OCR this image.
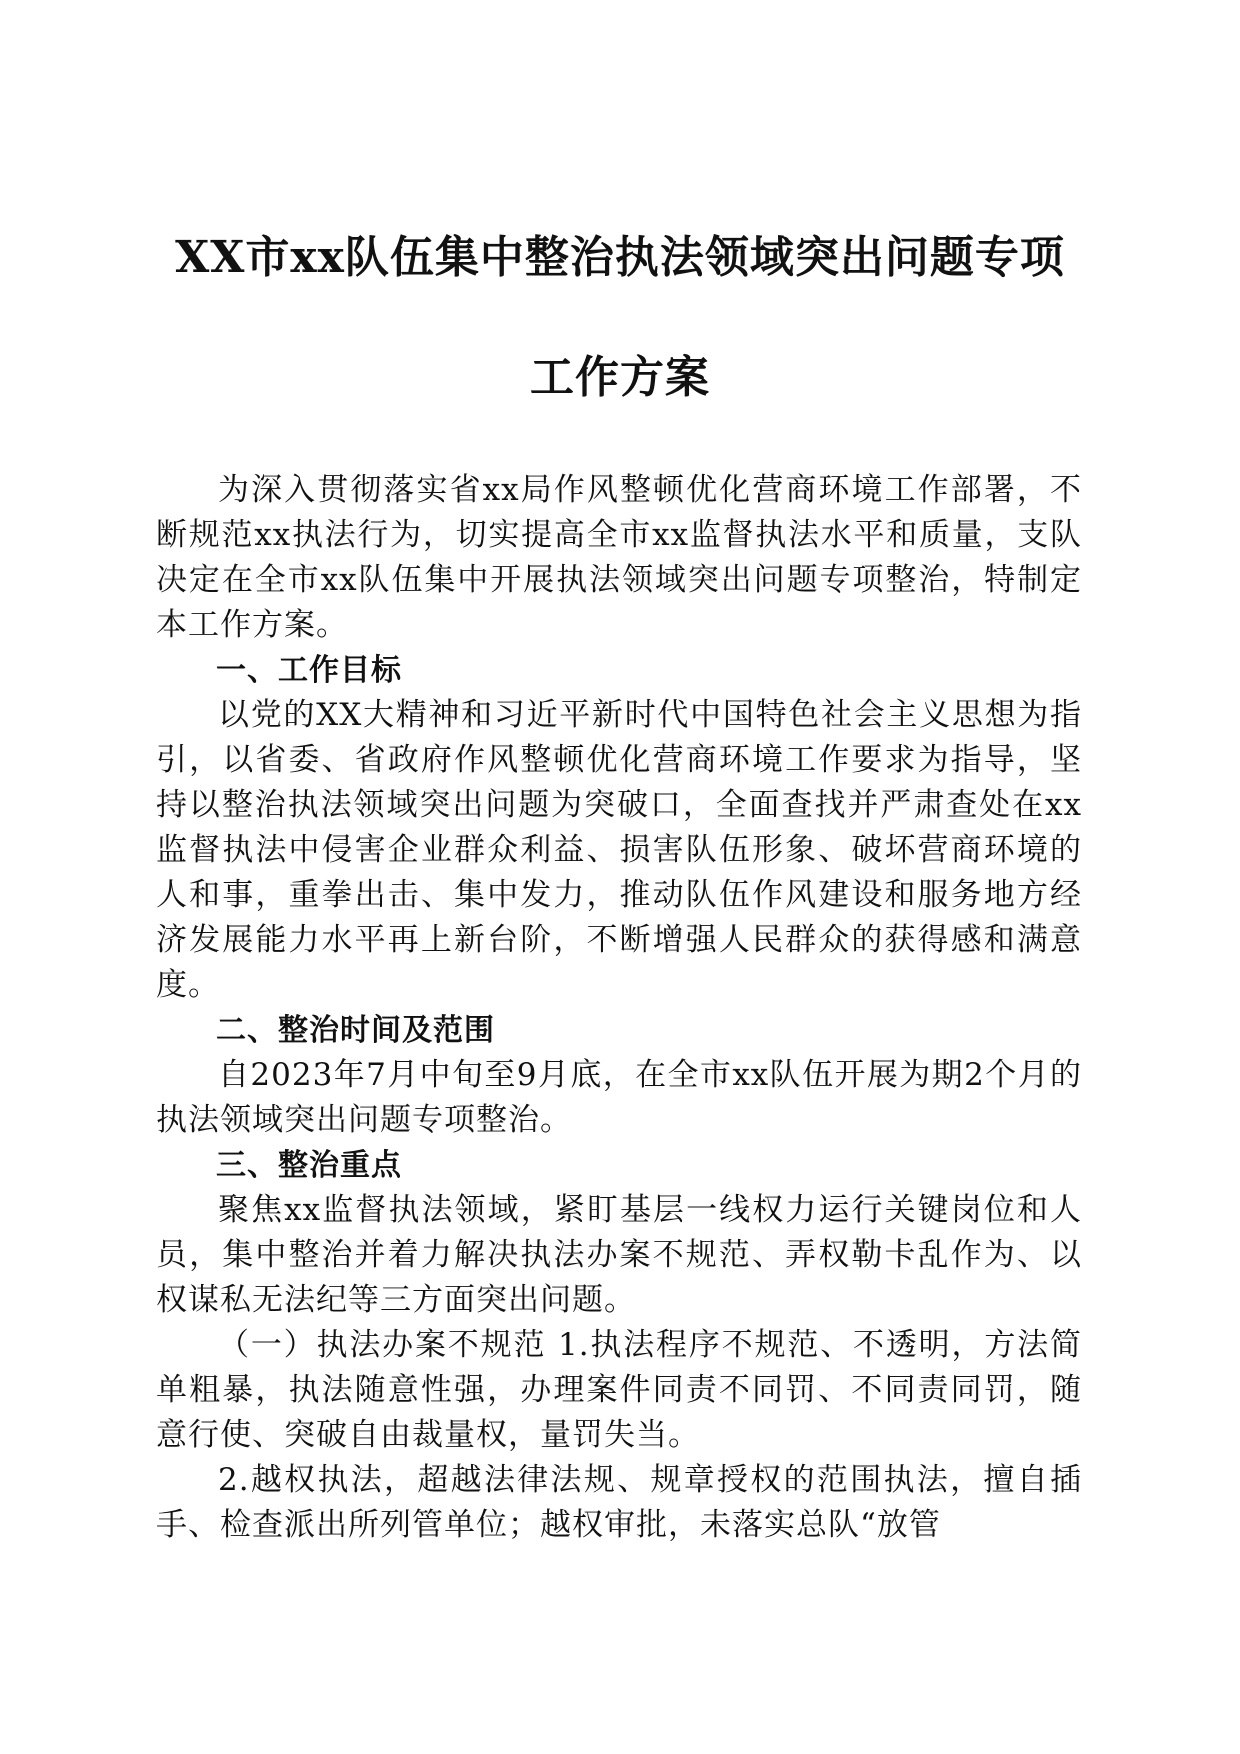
XX市xx队伍集中整治执法领域突出问题专项
工作方案

为深入贯彻落实省xx局作风整顿优化营商环境工作部署，不断规范xx执法行为，切实提高全市xx监督执法水平和质量，支队决定在全市xx队伍集中开展执法领域突出问题专项整治，特制定本工作方案。

一、工作目标

以党的XX大精神和习近平新时代中国特色社会主义思想为指引，以省委、省政府作风整顿优化营商环境工作要求为指导，坚持以整治执法领域突出问题为突破口，全面查找并严肃查处在xx监督执法中侵害企业群众利益、损害队伍形象、破坏营商环境的人和事，重拳出击、集中发力，推动队伍作风建设和服务地方经济发展能力水平再上新台阶，不断增强人民群众的获得感和满意度。

二、整治时间及范围

自2023年7月中旬至9月底，在全市xx队伍开展为期2个月的执法领域突出问题专项整治。

三、整治重点

聚焦xx监督执法领域，紧盯基层一线权力运行关键岗位和人员，集中整治并着力解决执法办案不规范、弄权勒卡乱作为、以权谋私无法纪等三方面突出问题。

（一）执法办案不规范 1.执法程序不规范、不透明，方法简单粗暴，执法随意性强，办理案件同责不同罚、不同责同罚，随意行使、突破自由裁量权，量罚失当。

2.越权执法，超越法律法规、规章授权的范围执法，擅自插手、检查派出所列管单位；越权审批，未落实总队“放管
